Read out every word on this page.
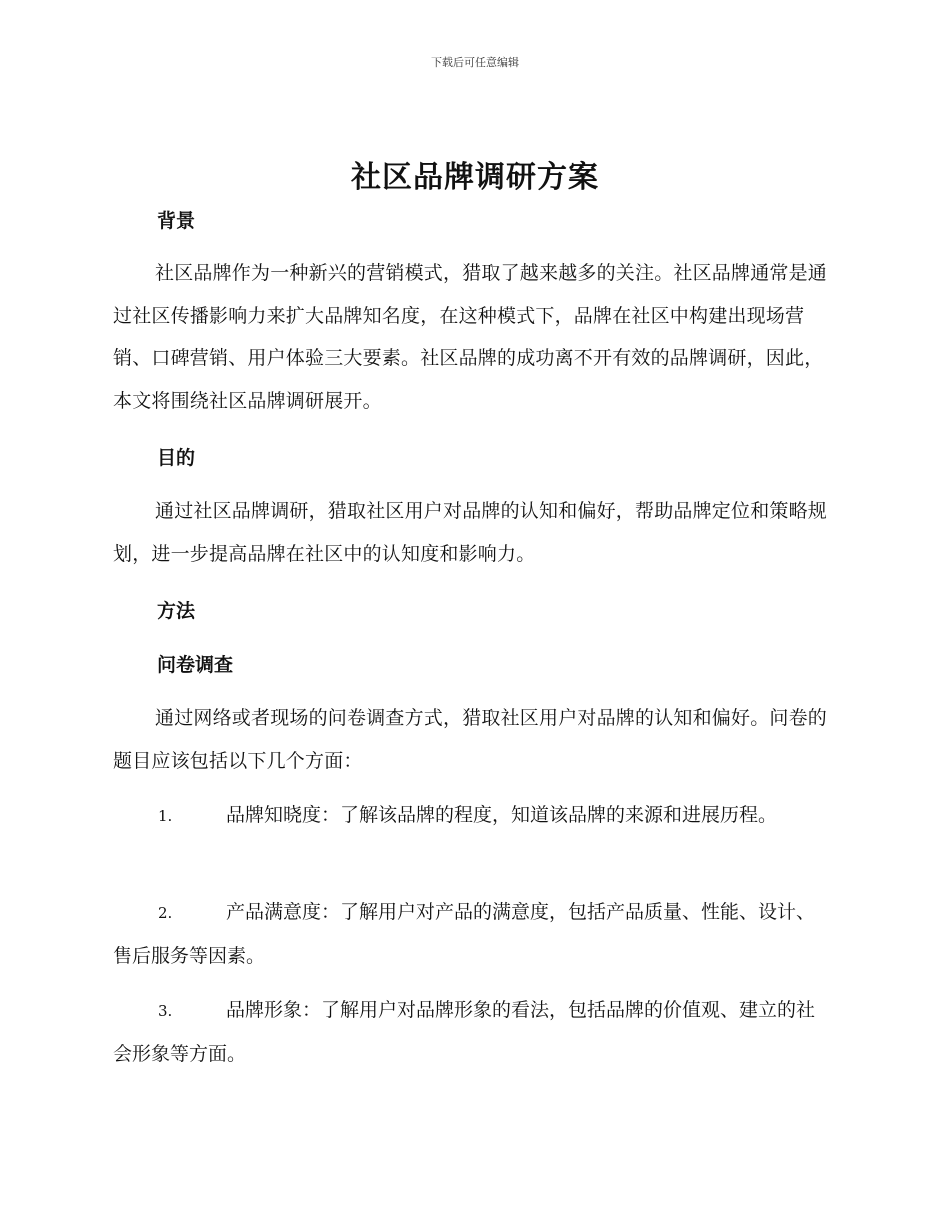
下载后可任意编辑
社区品牌调研方案
背景
社区品牌作为一种新兴的营销模式，猎取了越来越多的关注。社区品牌通常是通过社区传播影响力来扩大品牌知名度，在这种模式下，品牌在社区中构建出现场营销、口碑营销、用户体验三大要素。社区品牌的成功离不开有效的品牌调研，因此，本文将围绕社区品牌调研展开。
目的
通过社区品牌调研，猎取社区用户对品牌的认知和偏好，帮助品牌定位和策略规划，进一步提高品牌在社区中的认知度和影响力。
方法
问卷调查
通过网络或者现场的问卷调查方式，猎取社区用户对品牌的认知和偏好。问卷的题目应该包括以下几个方面：
1.	品牌知晓度：了解该品牌的程度，知道该品牌的来源和进展历程。
2.	产品满意度：了解用户对产品的满意度，包括产品质量、性能、设计、售后服务等因素。
3.	品牌形象：了解用户对品牌形象的看法，包括品牌的价值观、建立的社会形象等方面。
